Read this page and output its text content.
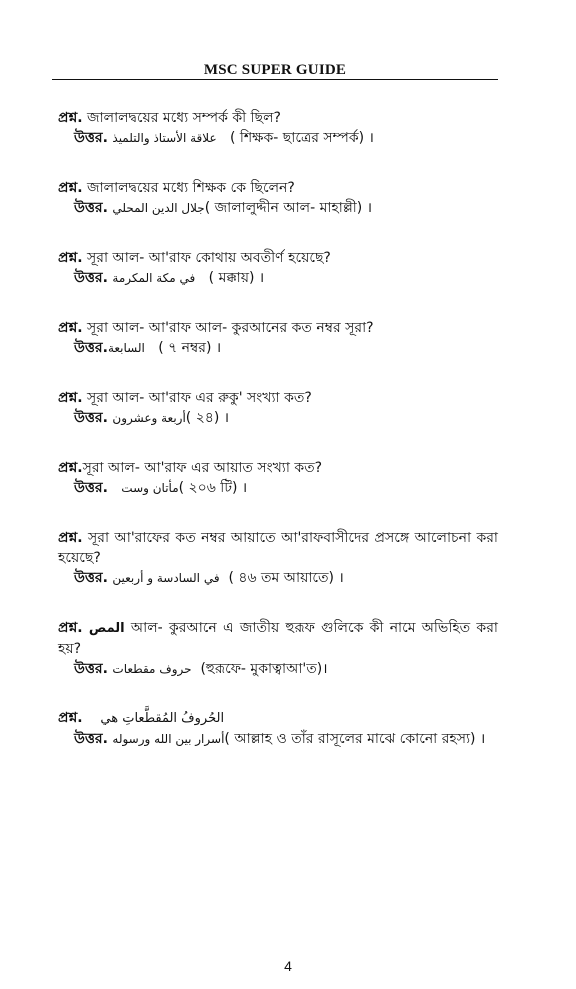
MSC SUPER GUIDE

প্রশ্ন. জালালদ্বয়ের মধ্যে সম্পর্ক কী ছিল?

উত্তর. علاقة الأستاذ والتلميذ ( শিক্ষক- ছাত্রের সম্পর্ক) ।

প্রশ্ন. জালালদ্বয়ের মধ্যে শিক্ষক কে ছিলেন?

উত্তর. جلال الدين المحلي( জালালুদ্দীন আল- মাহাল্লী) ।

প্রশ্ন. সূরা আল- আ'রাফ কোথায় অবতীর্ণ হয়েছে?

উত্তর. في مكة المكرمة ( মক্কায়) ।

প্রশ্ন. সূরা আল- আ'রাফ আল- কুরআনের কত নম্বর সূরা?

উত্তর.السابعة ( ৭ নম্বর) ।

প্রশ্ন. সূরা আল- আ'রাফ এর রুকু' সংখ্যা কত?

উত্তর. أربعة وعشرون( ২৪) ।

প্রশ্ন.সূরা আল- আ'রাফ এর আয়াত সংখ্যা কত?

উত্তর. مأتان وست( ২০৬ টি) ।

প্রশ্ন. সূরা আ'রাফের কত নম্বর আয়াতে আ'রাফবাসীদের প্রসঙ্গে আলোচনা করা হয়েছে?

উত্তর. في السادسة و أربعين ( ৪৬ তম আয়াতে) ।

প্রশ্ন. المص আল- কুরআনে এ জাতীয় হুরূফ গুলিকে কী নামে অভিহিত করা হয়?

উত্তর. حروف مقطعات (হুরূফে- মুকাত্বাআ'ত)।

প্রশ্ন. الحُروفُ المُقطَّعاتِ هي

উত্তর. أسرار بين الله ورسوله( আল্লাহ ও তাঁর রাসূলের মাঝে কোনো রহস্য) ।

4
